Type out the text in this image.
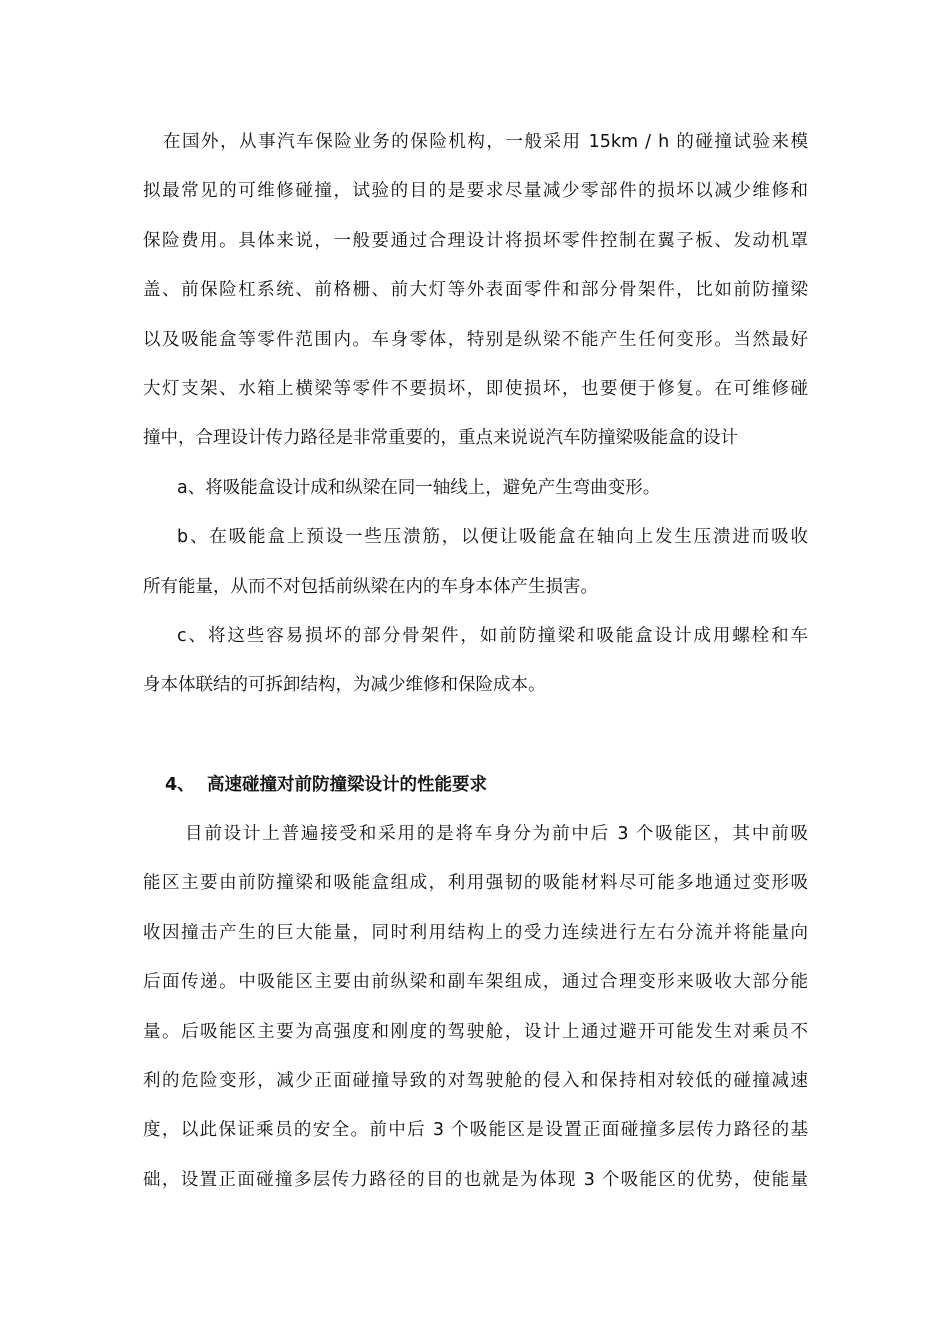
在国外，从事汽车保险业务的保险机构，一般采用 15km / h 的碰撞试验来模
拟最常见的可维修碰撞，试验的目的是要求尽量减少零部件的损坏以减少维修和
保险费用。具体来说，一般要通过合理设计将损坏零件控制在翼子板、发动机罩
盖、前保险杠系统、前格栅、前大灯等外表面零件和部分骨架件，比如前防撞梁
以及吸能盒等零件范围内。车身零体，特别是纵梁不能产生任何变形。当然最好
大灯支架、水箱上横梁等零件不要损坏，即使损坏，也要便于修复。在可维修碰
撞中，合理设计传力路径是非常重要的，重点来说说汽车防撞梁吸能盒的设计
a、将吸能盒设计成和纵梁在同一轴线上，避免产生弯曲变形。
b、在吸能盒上预设一些压溃筋，以便让吸能盒在轴向上发生压溃进而吸收
所有能量，从而不对包括前纵梁在内的车身本体产生损害。
c、将这些容易损坏的部分骨架件，如前防撞梁和吸能盒设计成用螺栓和车
身本体联结的可拆卸结构，为减少维修和保险成本。
4、 高速碰撞对前防撞梁设计的性能要求
目前设计上普遍接受和采用的是将车身分为前中后 3 个吸能区，其中前吸
能区主要由前防撞梁和吸能盒组成，利用强韧的吸能材料尽可能多地通过变形吸
收因撞击产生的巨大能量，同时利用结构上的受力连续进行左右分流并将能量向
后面传递。中吸能区主要由前纵梁和副车架组成，通过合理变形来吸收大部分能
量。后吸能区主要为高强度和刚度的驾驶舱，设计上通过避开可能发生对乘员不
利的危险变形，减少正面碰撞导致的对驾驶舱的侵入和保持相对较低的碰撞减速
度，以此保证乘员的安全。前中后 3 个吸能区是设置正面碰撞多层传力路径的基
础，设置正面碰撞多层传力路径的目的也就是为体现 3 个吸能区的优势，使能量
